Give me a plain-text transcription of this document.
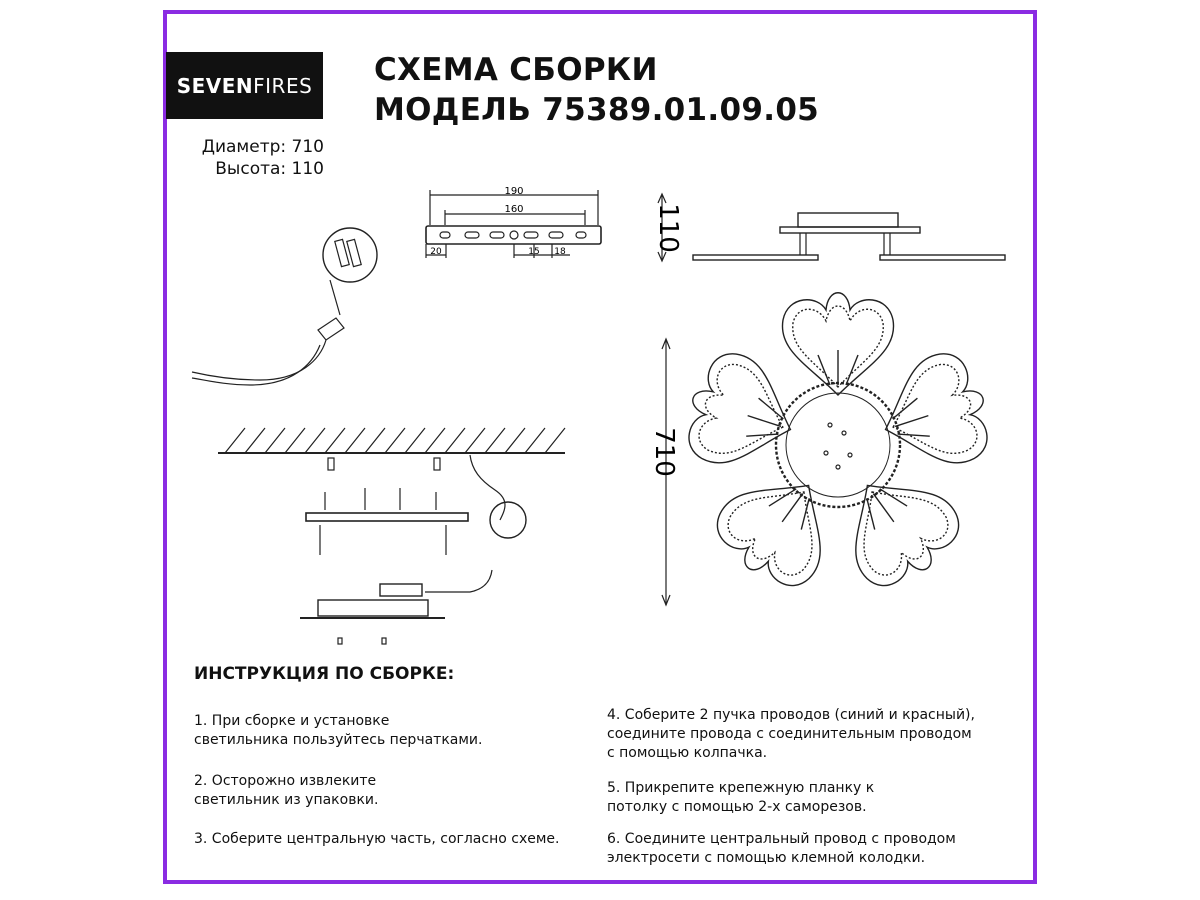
SEVEN FIRES СХЕМА СБОРКИ
МОДЕЛЬ 75389.01.09.05
Диаметр: 710
Высота: 110
190
160
20	15 18	110
710
ИНСТРУКЦИЯ ПО СБОРКЕ:
1. При сборке и установке
светильника пользуйтесь перчатками.
2. Осторожно извлеките
светильник из упаковки.
3. Соберите центральную часть, согласно схеме.
4. Соберите 2 пучка проводов (синий и красный),
соедините провода с соединительным проводом
с помощью колпачка.
5. Прикрепите крепежную планку к
потолку с помощью 2-х саморезов.
6. Соедините центральный провод с проводом
электросети с помощью клемной колодки.
